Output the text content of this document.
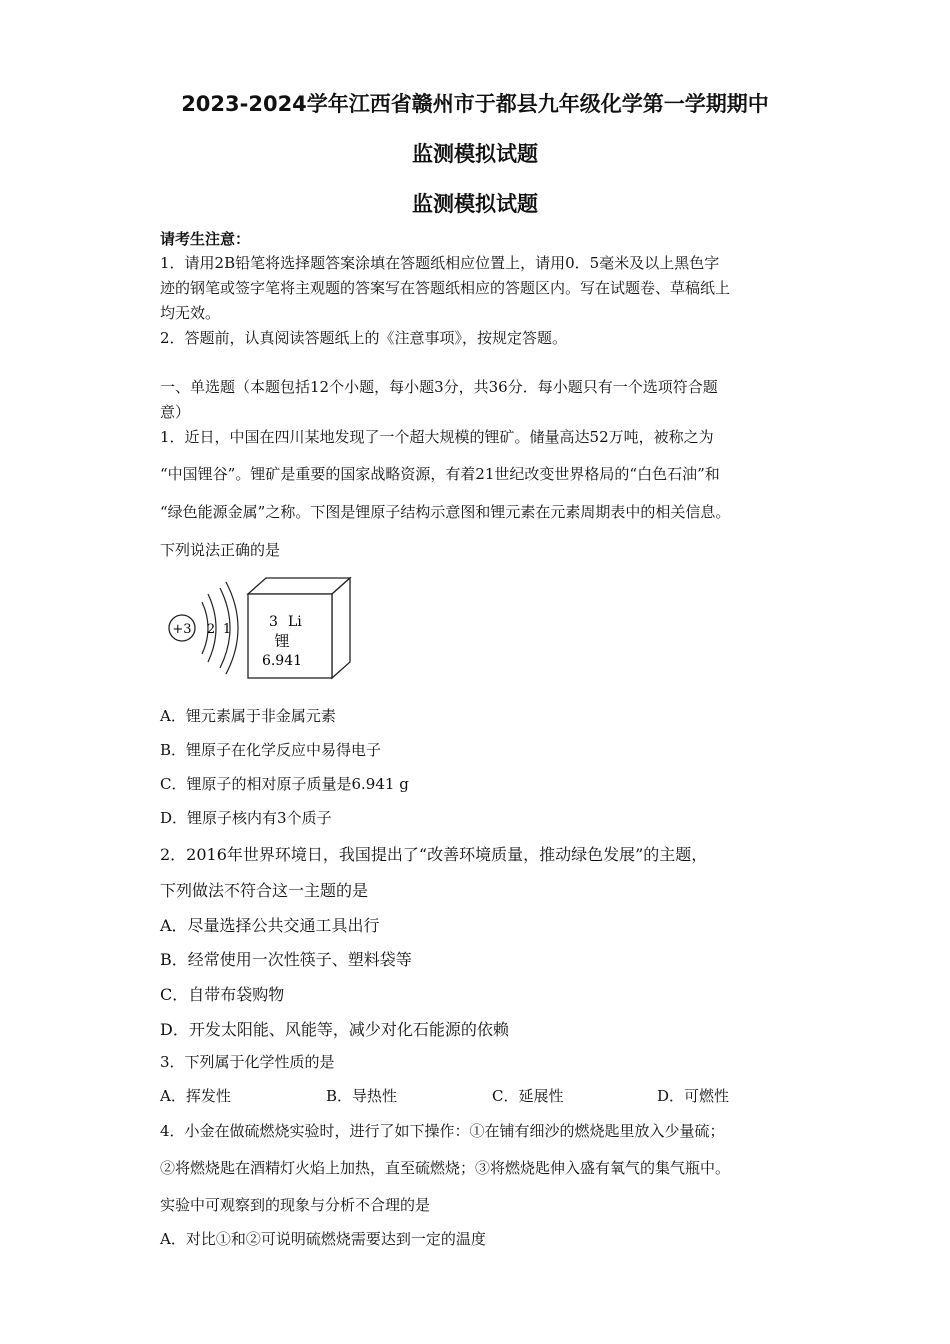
2023-2024学年江西省赣州市于都县九年级化学第一学期期中
监测模拟试题
监测模拟试题
请考生注意：
1．请用2B铅笔将选择题答案涂填在答题纸相应位置上，请用0．5毫米及以上黑色字
迹的钢笔或签字笔将主观题的答案写在答题纸相应的答题区内。写在试题卷、草稿纸上
均无效。
2．答题前，认真阅读答题纸上的《注意事项》，按规定答题。
一、单选题（本题包括12个小题，每小题3分，共36分．每小题只有一个选项符合题
意）
1．近日，中国在四川某地发现了一个超大规模的锂矿。储量高达52万吨，被称之为
“中国锂谷”。锂矿是重要的国家战略资源，有着21世纪改变世界格局的“白色石油”和
“绿色能源金属”之称。下图是锂原子结构示意图和锂元素在元素周期表中的相关信息。
下列说法正确的是
+3 2 1	3 Li
锂
6.941
A．锂元素属于非金属元素
B．锂原子在化学反应中易得电子
C．锂原子的相对原子质量是6.941 g
D．锂原子核内有3个质子
2．2016年世界环境日，我国提出了“改善环境质量，推动绿色发展”的主题，
下列做法不符合这一主题的是
A．尽量选择公共交通工具出行
B．经常使用一次性筷子、塑料袋等
C．自带布袋购物
D．开发太阳能、风能等，减少对化石能源的依赖
3．下列属于化学性质的是
A．挥发性	B．导热性	C．延展性	D．可燃性
4．小金在做硫燃烧实验时，进行了如下操作：①在铺有细沙的燃烧匙里放入少量硫；
②将燃烧匙在酒精灯火焰上加热，直至硫燃烧；③将燃烧匙伸入盛有氧气的集气瓶中。
实验中可观察到的现象与分析不合理的是
A．对比①和②可说明硫燃烧需要达到一定的温度
